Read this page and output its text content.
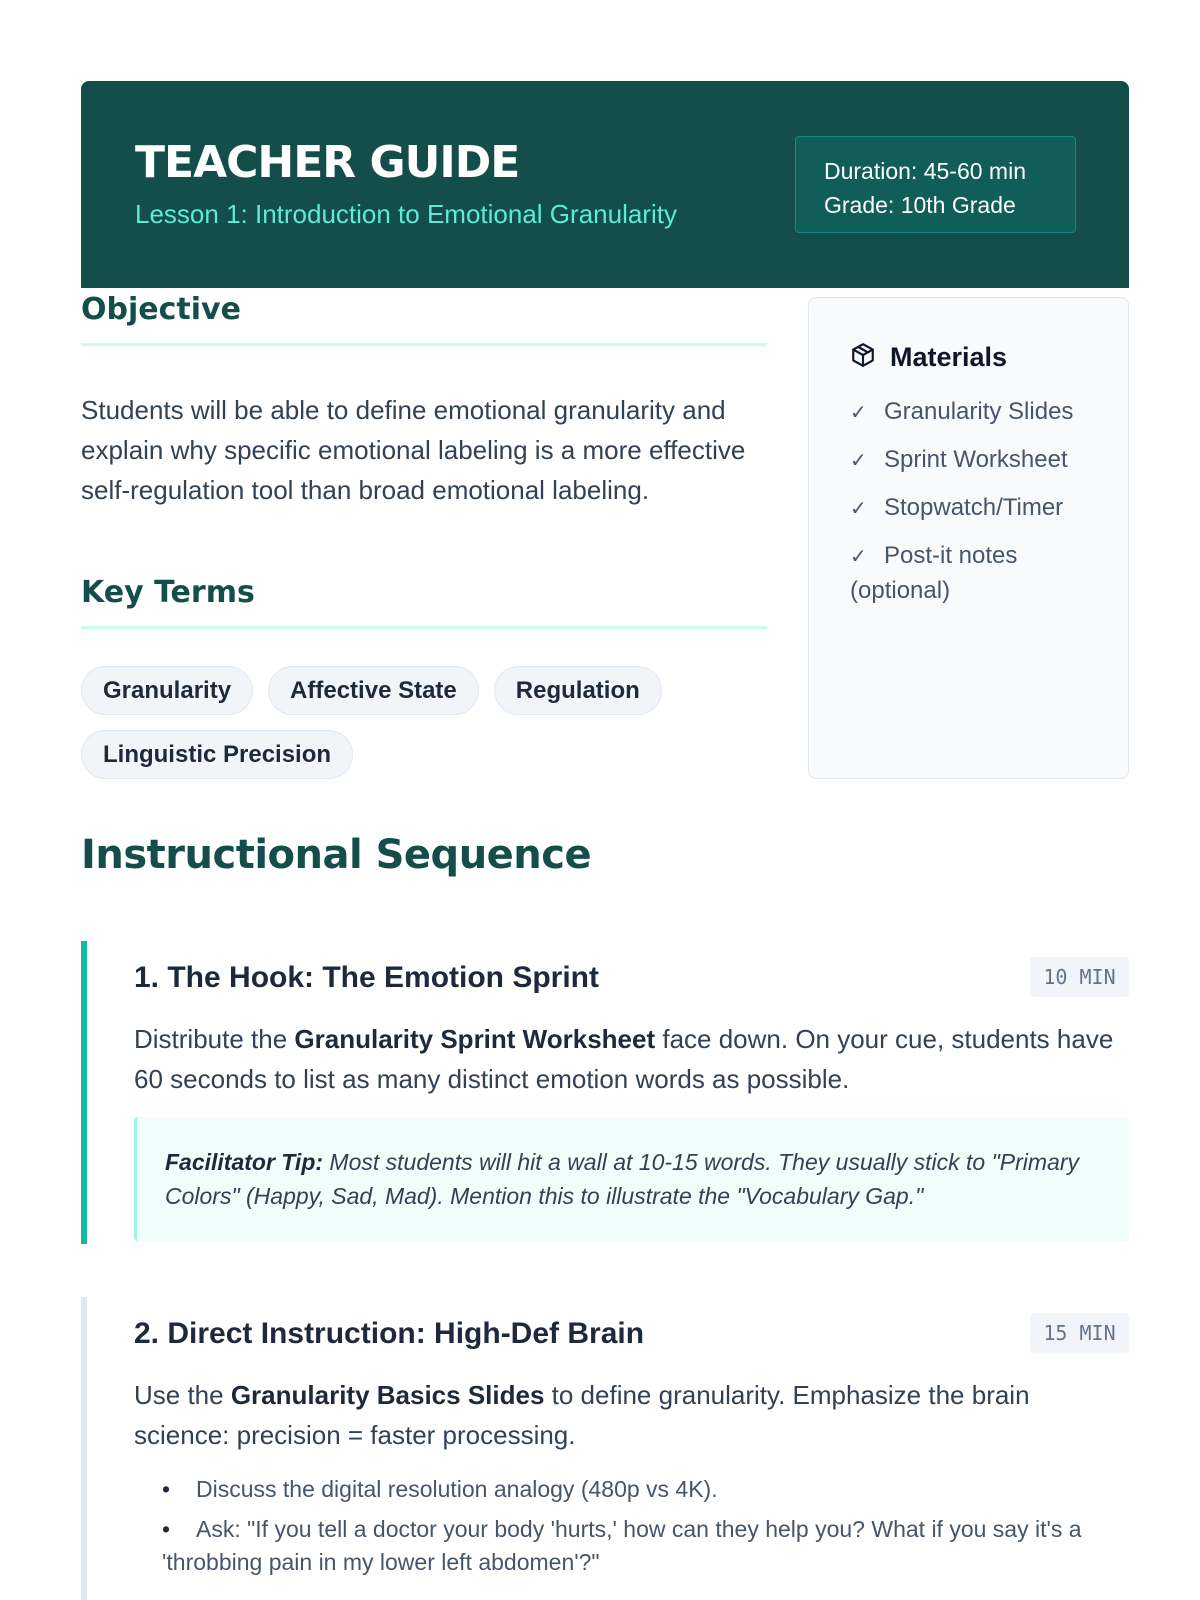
TEACHER GUIDE
Lesson 1: Introduction to Emotional Granularity
Duration: 45-60 min
Grade: 10th Grade
Objective

Students will be able to define emotional granularity and explain why specific emotional labeling is a more effective self-regulation tool than broad emotional labeling.

Key Terms
Granularity	Affective State	Regulation
Linguistic Precision
Materials
✓ Granularity Slides
✓ Sprint Worksheet
✓ Stopwatch/Timer
✓ Post-it notes (optional)
Instructional Sequence
1. The Hook: The Emotion Sprint	10 MIN

Distribute the Granularity Sprint Worksheet face down. On your cue, students have 60 seconds to list as many distinct emotion words as possible.

Facilitator Tip: Most students will hit a wall at 10-15 words. They usually stick to "Primary Colors" (Happy, Sad, Mad). Mention this to illustrate the "Vocabulary Gap."
2. Direct Instruction: High-Def Brain	15 MIN

Use the Granularity Basics Slides to define granularity. Emphasize the brain science: precision = faster processing.

• Discuss the digital resolution analogy (480p vs 4K).
• Ask: "If you tell a doctor your body 'hurts,' how can they help you? What if you say it's a 'throbbing pain in my lower left abdomen'?"
